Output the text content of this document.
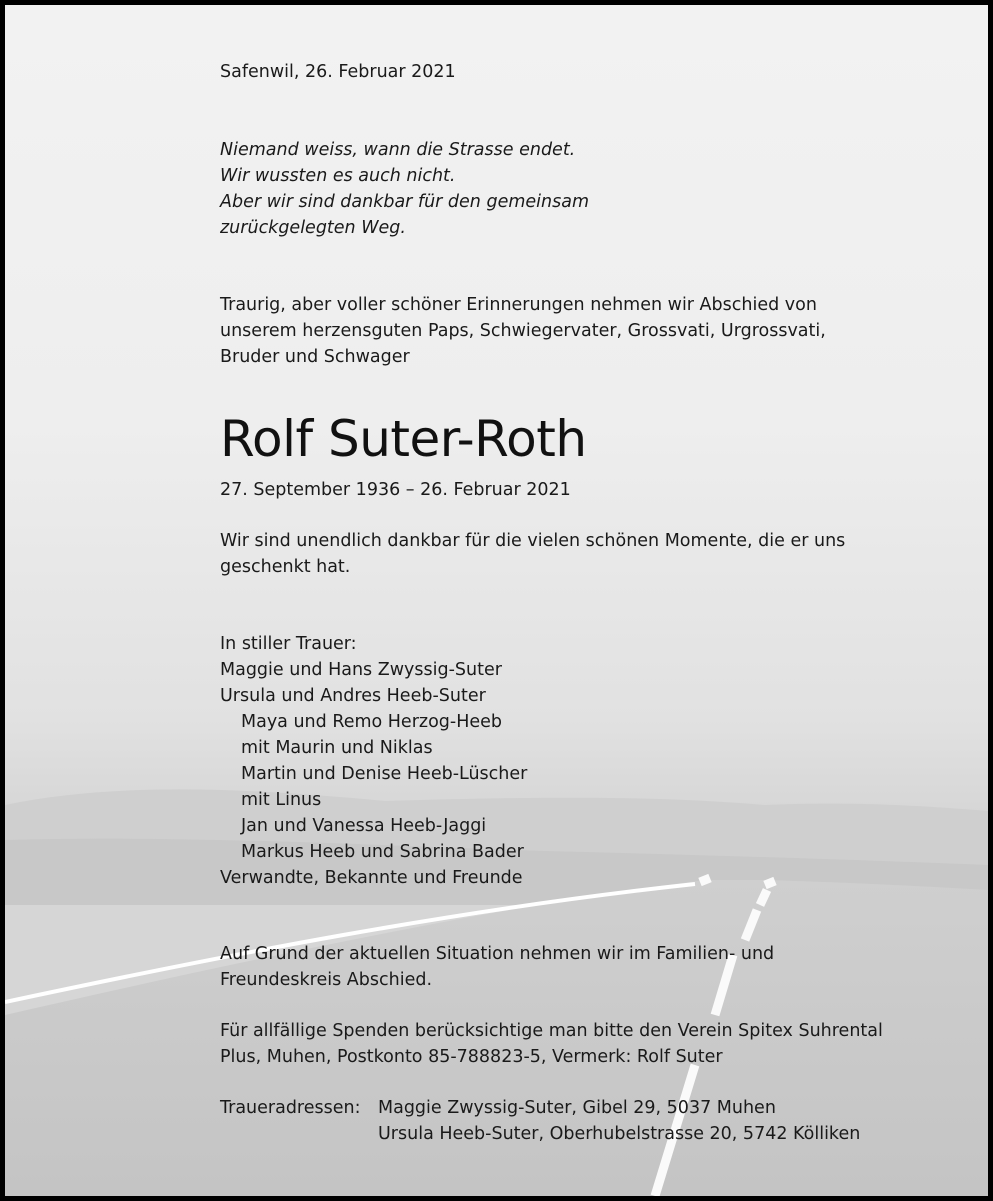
Safenwil, 26. Februar 2021
Niemand weiss, wann die Strasse endet.
Wir wussten es auch nicht.
Aber wir sind dankbar für den gemeinsam
zurückgelegten Weg.
Traurig, aber voller schöner Erinnerungen nehmen wir Abschied von
unserem herzensguten Paps, Schwiegervater, Grossvati, Urgrossvati,
Bruder und Schwager
Rolf Suter-Roth
27. September 1936 – 26. Februar 2021
Wir sind unendlich dankbar für die vielen schönen Momente, die er uns
geschenkt hat.
In stiller Trauer:
Maggie und Hans Zwyssig-Suter
Ursula und Andres Heeb-Suter
Maya und Remo Herzog-Heeb
mit Maurin und Niklas
Martin und Denise Heeb-Lüscher
mit Linus
Jan und Vanessa Heeb-Jaggi
Markus Heeb und Sabrina Bader
Verwandte, Bekannte und Freunde
Auf Grund der aktuellen Situation nehmen wir im Familien- und
Freundeskreis Abschied.
Für allfällige Spenden berücksichtige man bitte den Verein Spitex Suhrental
Plus, Muhen, Postkonto 85-788823-5, Vermerk: Rolf Suter
Traueradressen: Maggie Zwyssig-Suter, Gibel 29, 5037 Muhen
Ursula Heeb-Suter, Oberhubelstrasse 20, 5742 Kölliken
